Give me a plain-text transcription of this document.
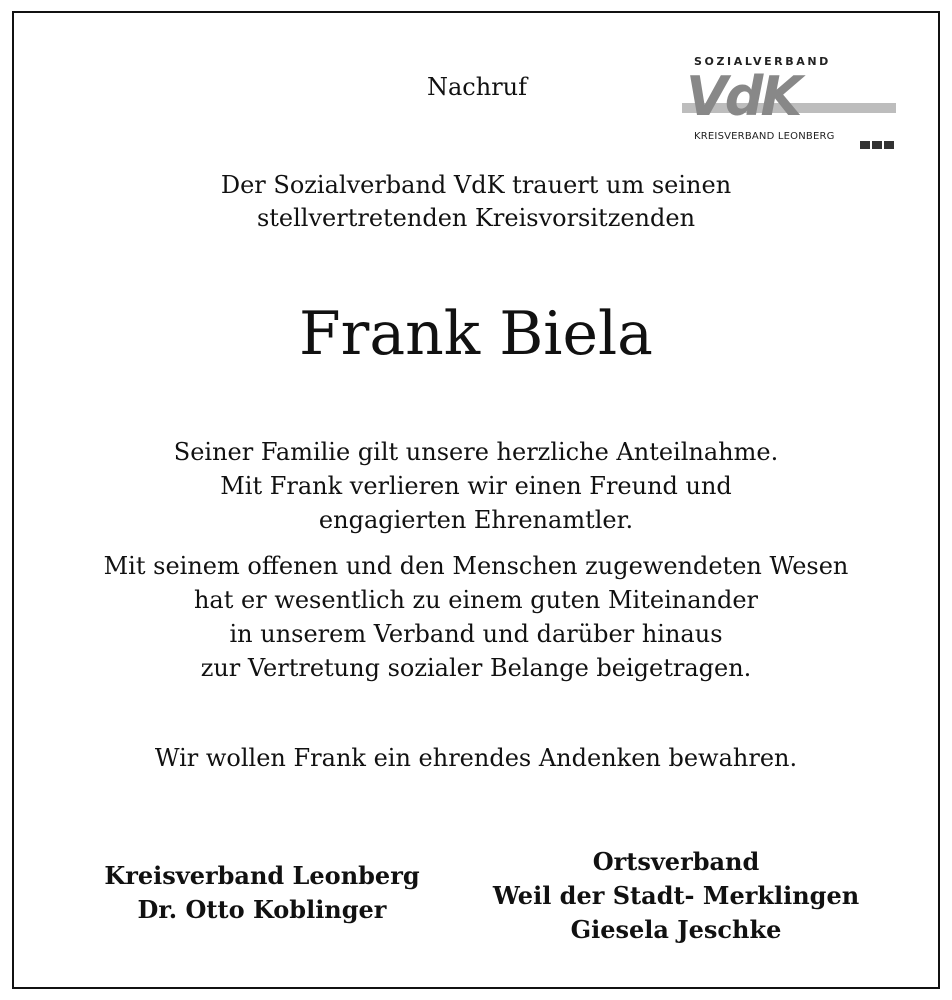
Nachruf
SOZIALVERBAND
VdK
KREISVERBAND LEONBERG
Der Sozialverband VdK trauert um seinen
stellvertretenden Kreisvorsitzenden
Frank Biela
Seiner Familie gilt unsere herzliche Anteilnahme.
Mit Frank verlieren wir einen Freund und
engagierten Ehrenamtler.
Mit seinem offenen und den Menschen zugewendeten Wesen
hat er wesentlich zu einem guten Miteinander
in unserem Verband und darüber hinaus
zur Vertretung sozialer Belange beigetragen.
Wir wollen Frank ein ehrendes Andenken bewahren.
Kreisverband Leonberg
Dr. Otto Koblinger
Ortsverband
Weil der Stadt- Merklingen
Giesela Jeschke
